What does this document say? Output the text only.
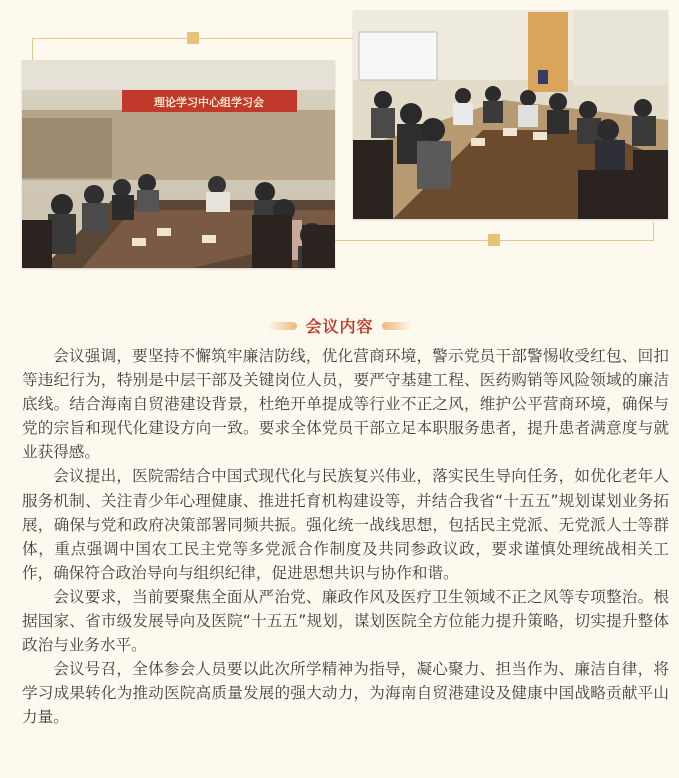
理论学习中心组学习会
会议内容

会议强调，要坚持不懈筑牢廉洁防线，优化营商环境，警示党员干部警惕收受红包、回扣等违纪行为，特别是中层干部及关键岗位人员，要严守基建工程、医药购销等风险领域的廉洁底线。结合海南自贸港建设背景，杜绝开单提成等行业不正之风，维护公平营商环境，确保与党的宗旨和现代化建设方向一致。要求全体党员干部立足本职服务患者，提升患者满意度与就业获得感。

会议提出，医院需结合中国式现代化与民族复兴伟业，落实民生导向任务，如优化老年人服务机制、关注青少年心理健康、推进托育机构建设等，并结合我省“十五五”规划谋划业务拓展，确保与党和政府决策部署同频共振。强化统一战线思想，包括民主党派、无党派人士等群体，重点强调中国农工民主党等多党派合作制度及共同参政议政，要求谨慎处理统战相关工作，确保符合政治导向与组织纪律，促进思想共识与协作和谐。

会议要求，当前要聚焦全面从严治党、廉政作风及医疗卫生领域不正之风等专项整治。根据国家、省市级发展导向及医院“十五五”规划，谋划医院全方位能力提升策略，切实提升整体政治与业务水平。

会议号召，全体参会人员要以此次所学精神为指导，凝心聚力、担当作为、廉洁自律，将学习成果转化为推动医院高质量发展的强大动力，为海南自贸港建设及健康中国战略贡献平山力量。
